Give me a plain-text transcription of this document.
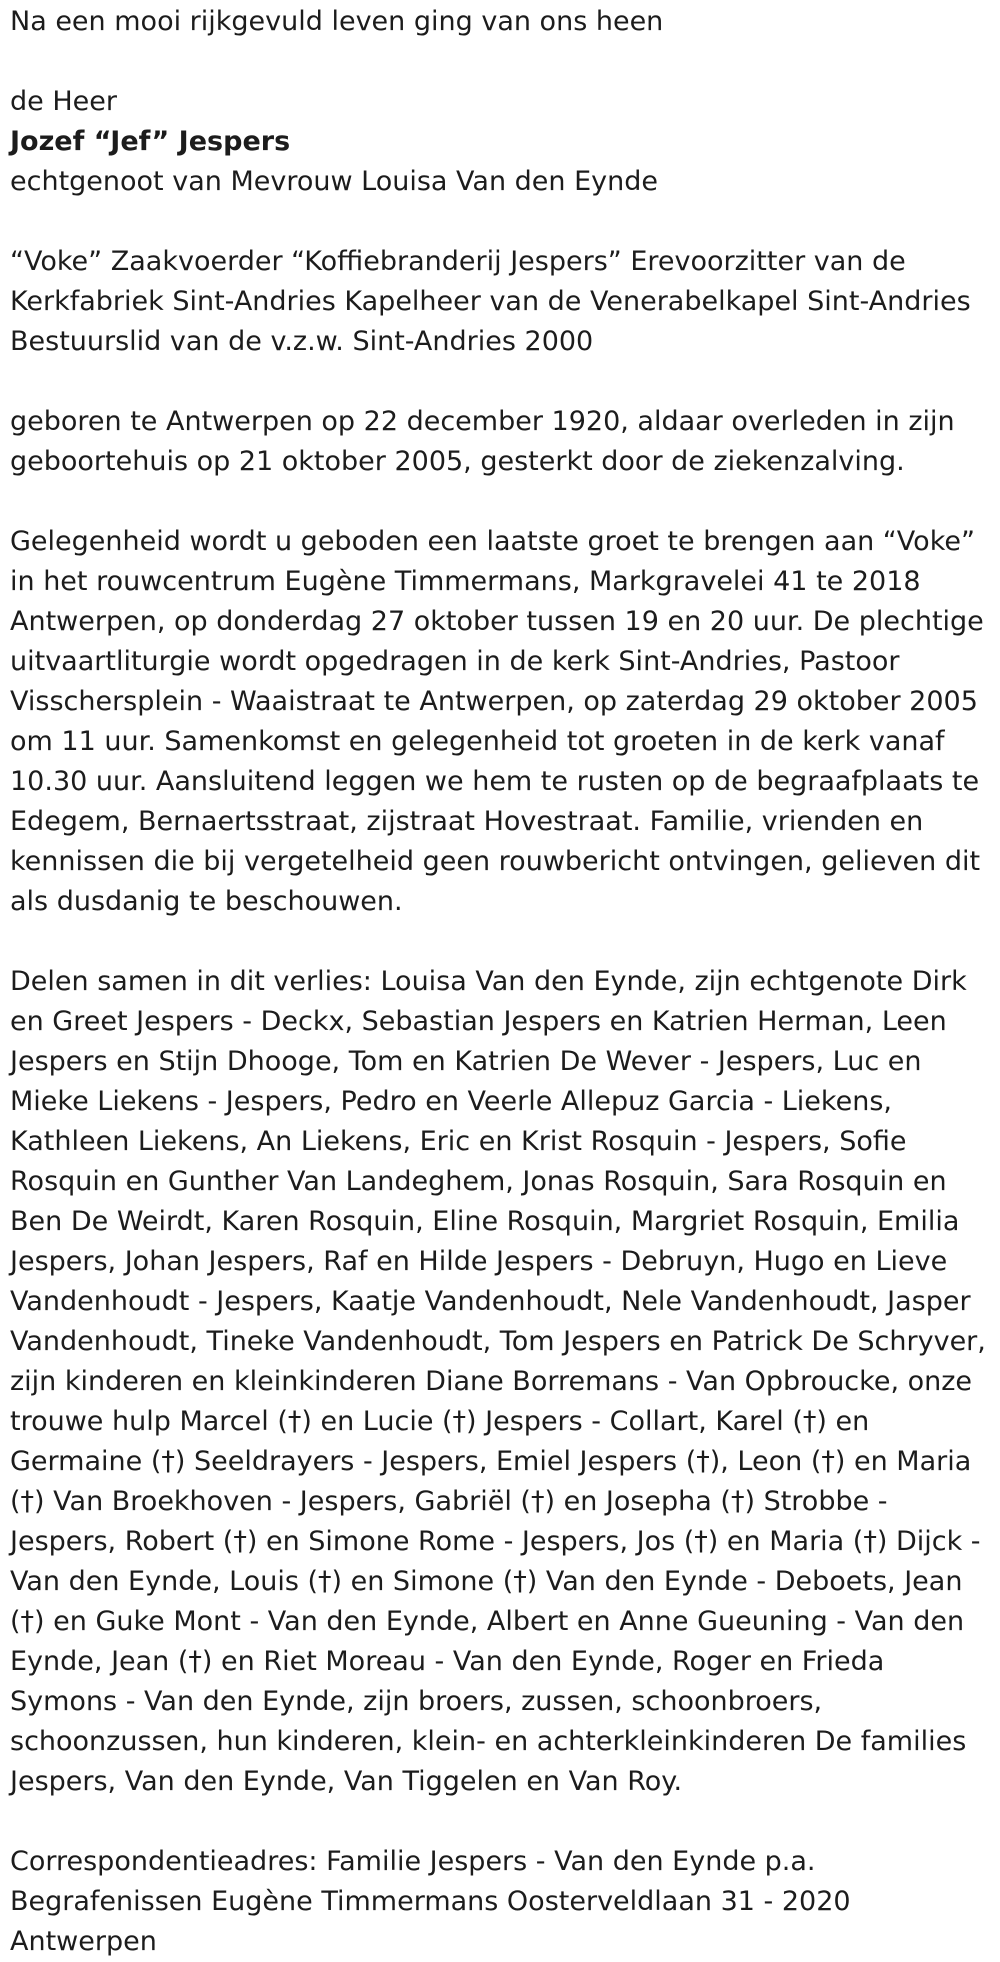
Na een mooi rijkgevuld leven ging van ons heen

de Heer

Jozef “Jef” Jespers

echtgenoot van Mevrouw Louisa Van den Eynde

“Voke” Zaakvoerder “Koffiebranderij Jespers” Erevoorzitter van de Kerkfabriek Sint-Andries Kapelheer van de Venerabelkapel Sint-Andries Bestuurslid van de v.z.w. Sint-Andries 2000

geboren te Antwerpen op 22 december 1920, aldaar overleden in zijn geboortehuis op 21 oktober 2005, gesterkt door de ziekenzalving.

Gelegenheid wordt u geboden een laatste groet te brengen aan “Voke” in het rouwcentrum Eugène Timmermans, Markgravelei 41 te 2018 Antwerpen, op donderdag 27 oktober tussen 19 en 20 uur. De plechtige uitvaartliturgie wordt opgedragen in de kerk Sint-Andries, Pastoor Visschersplein - Waaistraat te Antwerpen, op zaterdag 29 oktober 2005 om 11 uur. Samenkomst en gelegenheid tot groeten in de kerk vanaf 10.30 uur. Aansluitend leggen we hem te rusten op de begraafplaats te Edegem, Bernaertsstraat, zijstraat Hovestraat. Familie, vrienden en kennissen die bij vergetelheid geen rouwbericht ontvingen, gelieven dit als dusdanig te beschouwen.

Delen samen in dit verlies: Louisa Van den Eynde, zijn echtgenote Dirk en Greet Jespers - Deckx, Sebastian Jespers en Katrien Herman, Leen Jespers en Stijn Dhooge, Tom en Katrien De Wever - Jespers, Luc en Mieke Liekens - Jespers, Pedro en Veerle Allepuz Garcia - Liekens, Kathleen Liekens, An Liekens, Eric en Krist Rosquin - Jespers, Sofie Rosquin en Gunther Van Landeghem, Jonas Rosquin, Sara Rosquin en Ben De Weirdt, Karen Rosquin, Eline Rosquin, Margriet Rosquin, Emilia Jespers, Johan Jespers, Raf en Hilde Jespers - Debruyn, Hugo en Lieve Vandenhoudt - Jespers, Kaatje Vandenhoudt, Nele Vandenhoudt, Jasper Vandenhoudt, Tineke Vandenhoudt, Tom Jespers en Patrick De Schryver, zijn kinderen en kleinkinderen Diane Borremans - Van Opbroucke, onze trouwe hulp Marcel (†) en Lucie (†) Jespers - Collart, Karel (†) en Germaine (†) Seeldrayers - Jespers, Emiel Jespers (†), Leon (†) en Maria (†) Van Broekhoven - Jespers, Gabriël (†) en Josepha (†) Strobbe - Jespers, Robert (†) en Simone Rome - Jespers, Jos (†) en Maria (†) Dijck - Van den Eynde, Louis (†) en Simone (†) Van den Eynde - Deboets, Jean (†) en Guke Mont - Van den Eynde, Albert en Anne Gueuning - Van den Eynde, Jean (†) en Riet Moreau - Van den Eynde, Roger en Frieda Symons - Van den Eynde, zijn broers, zussen, schoonbroers, schoonzussen, hun kinderen, klein- en achterkleinkinderen De families Jespers, Van den Eynde, Van Tiggelen en Van Roy.

Correspondentieadres: Familie Jespers - Van den Eynde p.a. Begrafenissen Eugène Timmermans Oosterveldlaan 31 - 2020 Antwerpen
